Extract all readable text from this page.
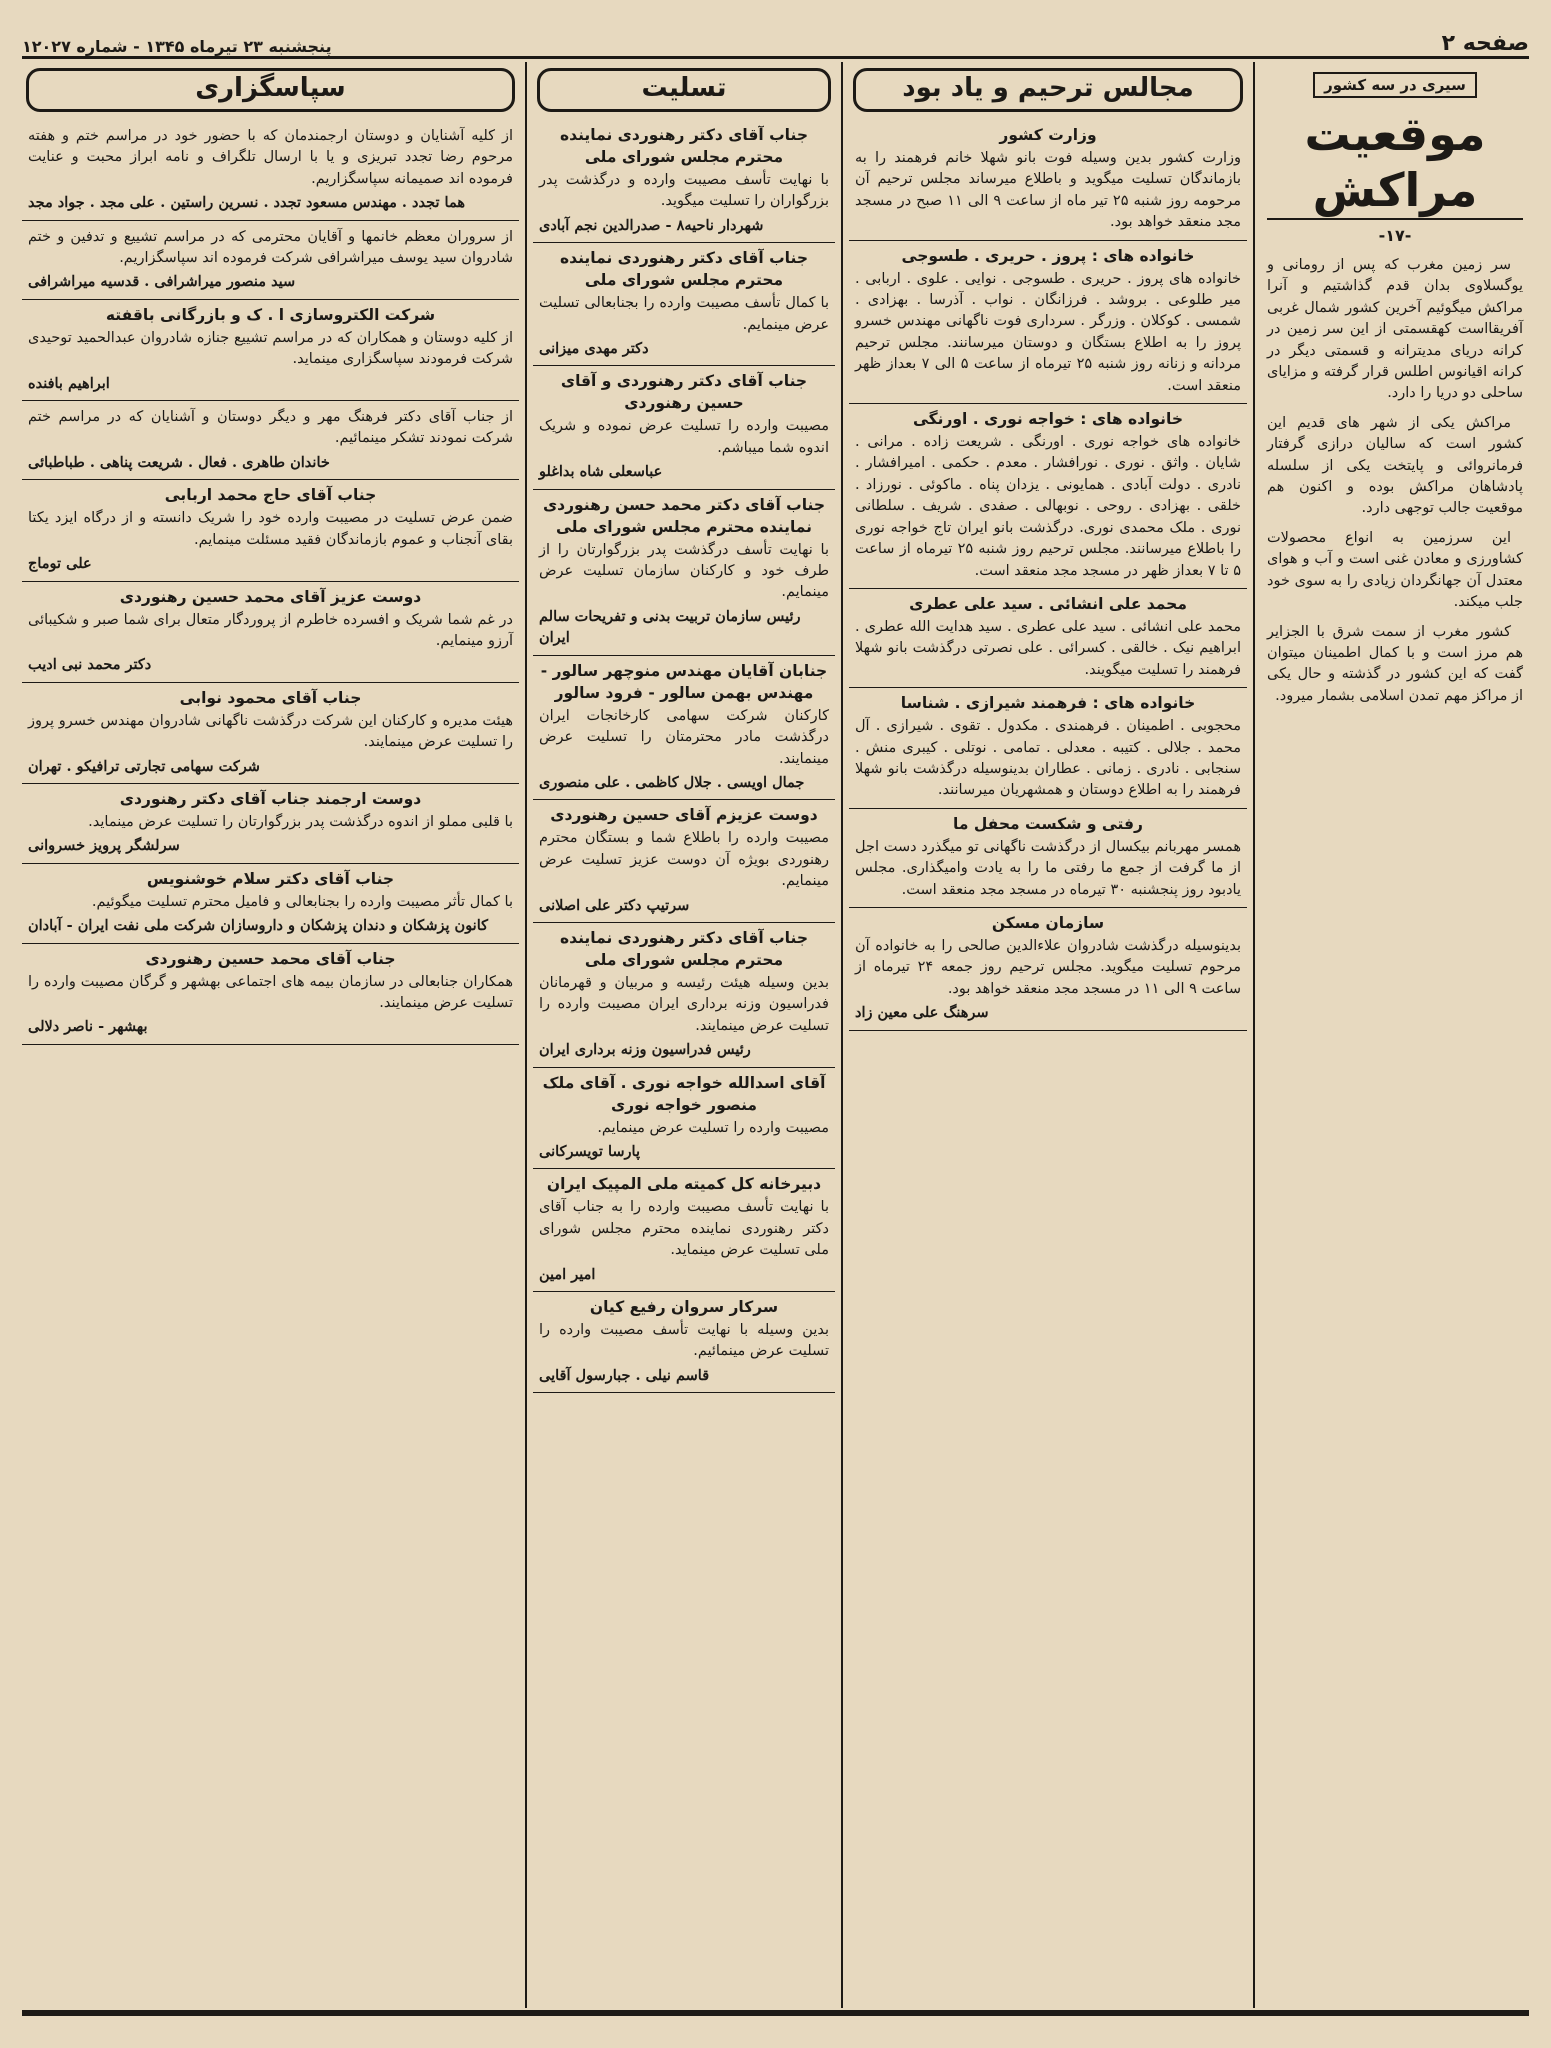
صفحه ۲
پنجشنبه ۲۳ تیرماه ۱۳۴۵ - شماره ۱۲۰۲۷
سیری در سه کشور
موقعیت مراکش
-۱۷-

سر زمین مغرب که پس از رومانی و یوگسلاوی بدان قدم گذاشتیم و آنرا مراکش میگوئیم آخرین کشور شمال غربی آفریقااست کهقسمتی از این سر زمین در کرانه دریای مدیترانه و قسمتی دیگر در کرانه اقیانوس اطلس قرار گرفته و مزایای ساحلی دو دریا را دارد.

مراکش یکی از شهر های قدیم این کشور است که سالیان درازی گرفتار فرمانروائی و پایتخت یکی از سلسله پادشاهان مراکش بوده و اکنون هم موقعیت جالب توجهی دارد.

این سرزمین به انواع محصولات کشاورزی و معادن غنی است و آب و هوای معتدل آن جهانگردان زیادی را به سوی خود جلب میکند.

کشور مغرب از سمت شرق با الجزایر هم مرز است و با کمال اطمینان میتوان گفت که این کشور در گذشته و حال یکی از مراکز مهم تمدن اسلامی بشمار میرود.

مجالس ترحیم و یاد بود
وزارت کشور

وزارت کشور بدین وسیله فوت بانو شهلا خانم فرهمند را به بازماندگان تسلیت میگوید و باطلاع میرساند مجلس ترحیم آن مرحومه روز شنبه ۲۵ تیر ماه از ساعت ۹ الی ۱۱ صبح در مسجد مجد منعقد خواهد بود.

خانواده های : پروز . حریری . طسوجی

خانواده های پروز . حریری . طسوجی . نوایی . علوی . اربابی . میر طلوعی . بروشد . فرزانگان . نواب . آذرسا . بهزادی . شمسی . کوکلان . وزرگر . سرداری فوت ناگهانی مهندس خسرو پروز را به اطلاع بستگان و دوستان میرسانند. مجلس ترحیم مردانه و زنانه روز شنبه ۲۵ تیرماه از ساعت ۵ الی ۷ بعداز ظهر منعقد است.

خانواده های : خواجه نوری . اورنگی

خانواده های خواجه نوری . اورنگی . شریعت زاده . مرانی . شایان . واثق . نوری . نورافشار . معدم . حکمی . امیرافشار . نادری . دولت آبادی . همایونی . یزدان پناه . ماکوئی . نورزاد . خلقی . بهزادی . روحی . نوبهالی . صفدی . شریف . سلطانی نوری . ملک محمدی نوری. درگذشت بانو ایران تاج خواجه نوری را باطلاع میرسانند. مجلس ترحیم روز شنبه ۲۵ تیرماه از ساعت ۵ تا ۷ بعداز ظهر در مسجد مجد منعقد است.

محمد علی انشائی . سید علی عطری

محمد علی انشائی . سید علی عطری . سید هدایت الله عطری . ابراهیم نیک . خالقی . کسرائی . علی نصرتی درگذشت بانو شهلا فرهمند را تسلیت میگویند.

خانواده های : فرهمند شیرازی . شناسا

محجوبی . اطمینان . فرهمندی . مکدول . تقوی . شیرازی . آل محمد . جلالی . کتیبه . معدلی . تمامی . نوتلی . کیبری منش . سنجابی . نادری . زمانی . عطاران بدینوسیله درگذشت بانو شهلا فرهمند را به اطلاع دوستان و همشهریان میرسانند.

رفتی و شکست محفل ما

همسر مهربانم بیکسال از درگذشت ناگهانی تو میگذرد دست اجل از ما گرفت از جمع ما رفتی ما را به یادت وامیگذاری. مجلس یادبود روز پنجشنبه ۳۰ تیرماه در مسجد مجد منعقد است.

سازمان مسکن

بدینوسیله درگذشت شادروان علاءالدین صالحی را به خانواده آن مرحوم تسلیت میگوید. مجلس ترحیم روز جمعه ۲۴ تیرماه از ساعت ۹ الی ۱۱ در مسجد مجد منعقد خواهد بود.

سرهنگ علی معین زاد

تسلیت
جناب آقای دکتر رهنوردی نماینده محترم مجلس شورای ملی

با نهایت تأسف مصیبت وارده و درگذشت پدر بزرگواران را تسلیت میگوید.

شهردار ناحیه۸ - صدرالدین نجم آبادی

جناب آقای دکتر رهنوردی نماینده محترم مجلس شورای ملی

با کمال تأسف مصیبت وارده را بجنابعالی تسلیت عرض مینمایم.

دکتر مهدی میزانی

جناب آقای دکتر رهنوردی و آقای حسین رهنوردی

مصیبت وارده را تسلیت عرض نموده و شریک اندوه شما میباشم.

عباسعلی شاه بداغلو

جناب آقای دکتر محمد حسن رهنوردی نماینده محترم مجلس شورای ملی

با نهایت تأسف درگذشت پدر بزرگوارتان را از طرف خود و کارکنان سازمان تسلیت عرض مینمایم.

رئیس سازمان تربیت بدنی و تفریحات سالم ایران

جنابان آقایان مهندس منوچهر سالور - مهندس بهمن سالور - فرود سالور

کارکنان شرکت سهامی کارخانجات ایران درگذشت مادر محترمتان را تسلیت عرض مینمایند.

جمال اویسی . جلال کاظمی . علی منصوری

دوست عزیزم آقای حسین رهنوردی

مصیبت وارده را باطلاع شما و بستگان محترم رهنوردی بویژه آن دوست عزیز تسلیت عرض مینمایم.

سرتیپ دکتر علی اصلانی

جناب آقای دکتر رهنوردی نماینده محترم مجلس شورای ملی

بدین وسیله هیئت رئیسه و مربیان و قهرمانان فدراسیون وزنه برداری ایران مصیبت وارده را تسلیت عرض مینمایند.

رئیس فدراسیون وزنه برداری ایران

آقای اسدالله خواجه نوری . آقای ملک منصور خواجه نوری

مصیبت وارده را تسلیت عرض مینمایم.

پارسا تویسرکانی

دبیرخانه کل کمیته ملی المپیک ایران

با نهایت تأسف مصیبت وارده را به جناب آقای دکتر رهنوردی نماینده محترم مجلس شورای ملی تسلیت عرض مینماید.

امیر امین

سرکار سروان رفیع کیان

بدین وسیله با نهایت تأسف مصیبت وارده را تسلیت عرض مینمائیم.

قاسم نیلی . جبارسول آقایی

سپاسگزاری

از کلیه آشنایان و دوستان ارجمندمان که با حضور خود در مراسم ختم و هفته مرحوم رضا تجدد تبریزی و یا با ارسال تلگراف و نامه ابراز محبت و عنایت فرموده اند صمیمانه سپاسگزاریم.

هما تجدد . مهندس مسعود تجدد . نسرین راستین . علی مجد . جواد مجد

از سروران معظم خانمها و آقایان محترمی که در مراسم تشییع و تدفین و ختم شادروان سید یوسف میراشرافی شرکت فرموده اند سپاسگزاریم.

سید منصور میراشرافی . قدسیه میراشرافی

شرکت الکتروسازی ا . ک و بازرگانی باقفته

از کلیه دوستان و همکاران که در مراسم تشییع جنازه شادروان عبدالحمید توحیدی شرکت فرمودند سپاسگزاری مینماید.

ابراهیم بافنده

از جناب آقای دکتر فرهنگ مهر و دیگر دوستان و آشنایان که در مراسم ختم شرکت نمودند تشکر مینمائیم.

خاندان طاهری . فعال . شریعت پناهی . طباطبائی

جناب آقای حاج محمد اربابی

ضمن عرض تسلیت در مصیبت وارده خود را شریک دانسته و از درگاه ایزد یکتا بقای آنجناب و عموم بازماندگان فقید مسئلت مینمایم.

علی توماج

دوست عزیز آقای محمد حسین رهنوردی

در غم شما شریک و افسرده خاطرم از پروردگار متعال برای شما صبر و شکیبائی آرزو مینمایم.

دکتر محمد نبی ادیب

جناب آقای محمود نوابی

هیئت مدیره و کارکنان این شرکت درگذشت ناگهانی شادروان مهندس خسرو پروز را تسلیت عرض مینمایند.

شرکت سهامی تجارتی ترافیکو . تهران

دوست ارجمند جناب آقای دکتر رهنوردی

با قلبی مملو از اندوه درگذشت پدر بزرگوارتان را تسلیت عرض مینماید.

سرلشگر پرویز خسروانی

جناب آقای دکتر سلام خوشنویس

با کمال تأثر مصیبت وارده را بجنابعالی و فامیل محترم تسلیت میگوئیم.

کانون پزشکان و دندان پزشکان و داروسازان شرکت ملی نفت ایران - آبادان

جناب آقای محمد حسین رهنوردی

همکاران جنابعالی در سازمان بیمه های اجتماعی بهشهر و گرگان مصیبت وارده را تسلیت عرض مینمایند.

بهشهر - ناصر دلالی
